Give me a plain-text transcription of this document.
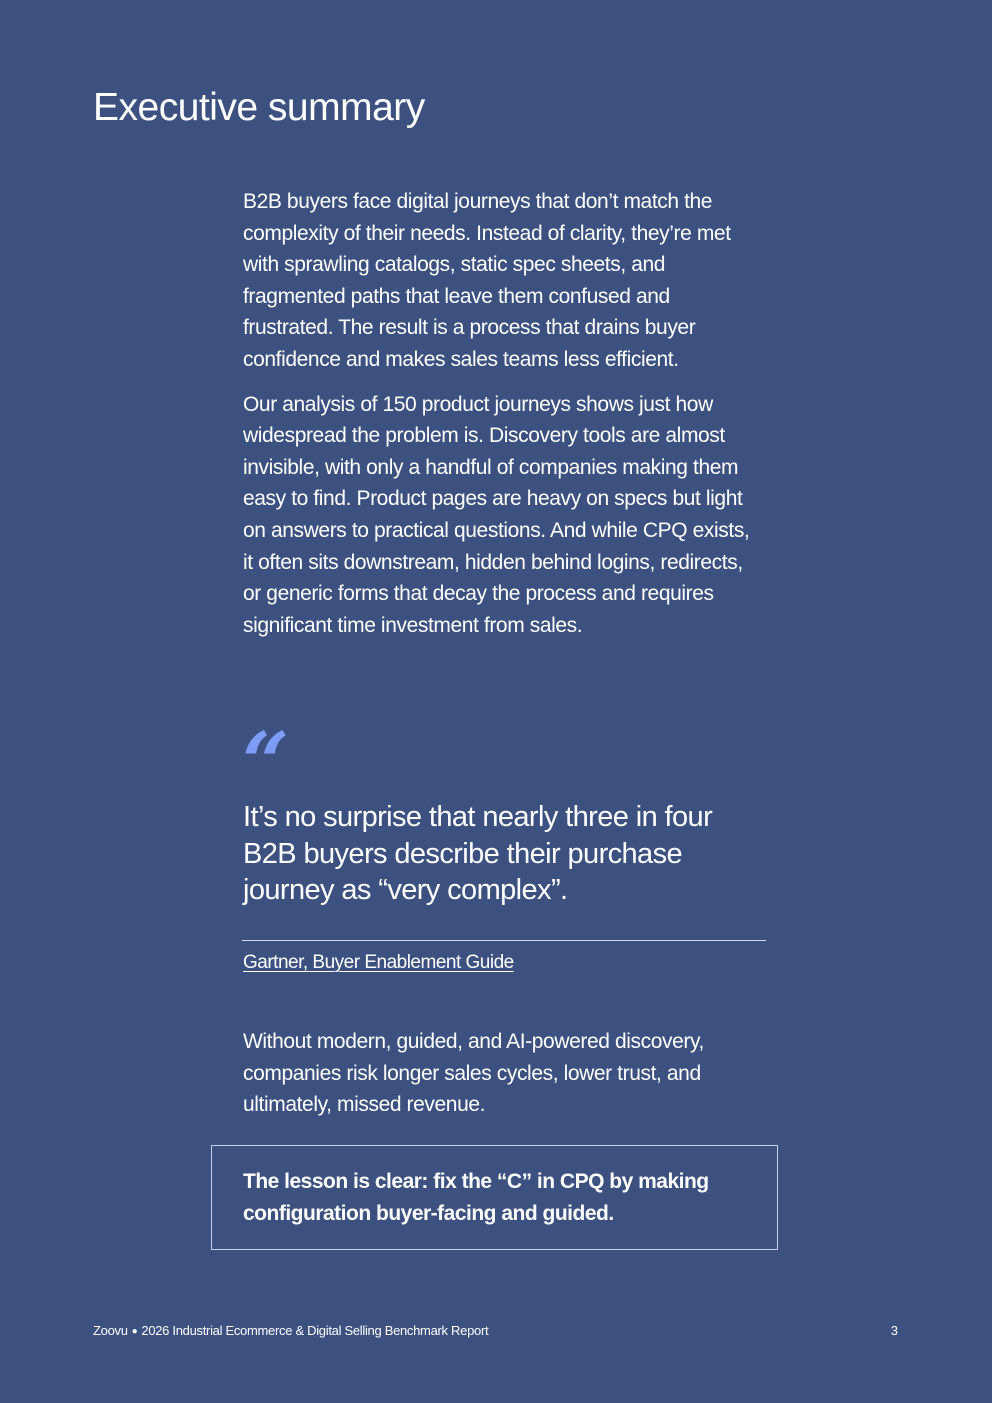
Executive summary

B2B buyers face digital journeys that don’t match the complexity of their needs. Instead of clarity, they’re met with sprawling catalogs, static spec sheets, and fragmented paths that leave them confused and frustrated. The result is a process that drains buyer confidence and makes sales teams less efficient.

Our analysis of 150 product journeys shows just how widespread the problem is. Discovery tools are almost invisible, with only a handful of companies making them easy to find. Product pages are heavy on specs but light on answers to practical questions. And while CPQ exists, it often sits downstream, hidden behind logins, redirects, or generic forms that decay the process and requires significant time investment from sales.

“

It’s no surprise that nearly three in four B2B buyers describe their purchase journey as “very complex”.

Gartner, Buyer Enablement Guide

Without modern, guided, and AI-powered discovery, companies risk longer sales cycles, lower trust, and ultimately, missed revenue.

The lesson is clear: fix the “C” in CPQ by making configuration buyer-facing and guided.

Zoovu ● 2026 Industrial Ecommerce & Digital Selling Benchmark Report	3
